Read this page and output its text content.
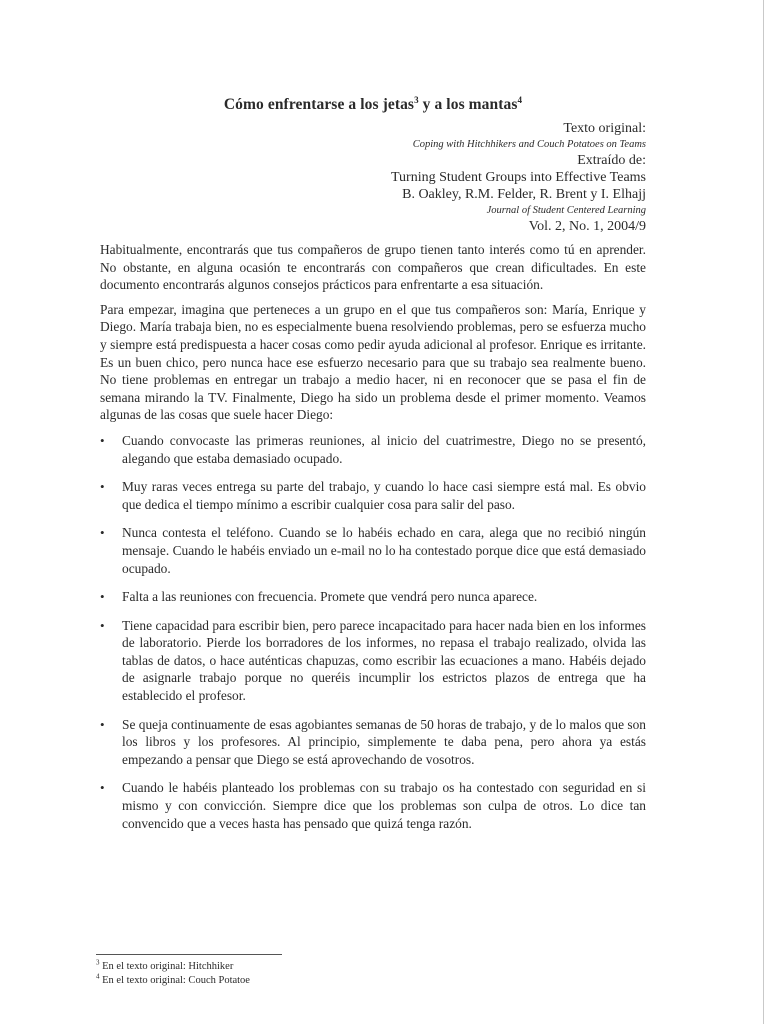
Cómo enfrentarse a los jetas$^3$ y a los mantas$^4$
Texto original:
Coping with Hitchhikers and Couch Potatoes on Teams
Extraído de:
Turning Student Groups into Effective Teams
B. Oakley, R.M. Felder, R. Brent y I. Elhajj
Journal of Student Centered Learning
Vol. 2, No. 1, 2004/9

Habitualmente, encontrarás que tus compañeros de grupo tienen tanto interés como tú en aprender. No obstante, en alguna ocasión te encontrarás con compañeros que crean dificultades. En este documento encontrarás algunos consejos prácticos para enfrentarte a esa situación.

Para empezar, imagina que perteneces a un grupo en el que tus compañeros son: María, Enrique y Diego. María trabaja bien, no es especialmente buena resolviendo problemas, pero se esfuerza mucho y siempre está predispuesta a hacer cosas como pedir ayuda adicional al profesor. Enrique es irritante. Es un buen chico, pero nunca hace ese esfuerzo necesario para que su trabajo sea realmente bueno. No tiene problemas en entregar un trabajo a medio hacer, ni en reconocer que se pasa el fin de semana mirando la TV. Finalmente, Diego ha sido un problema desde el primer momento. Veamos algunas de las cosas que suele hacer Diego:

• Cuando convocaste las primeras reuniones, al inicio del cuatrimestre, Diego no se presentó, alegando que estaba demasiado ocupado.
• Muy raras veces entrega su parte del trabajo, y cuando lo hace casi siempre está mal. Es obvio que dedica el tiempo mínimo a escribir cualquier cosa para salir del paso.
• Nunca contesta el teléfono. Cuando se lo habéis echado en cara, alega que no recibió ningún mensaje. Cuando le habéis enviado un e-mail no lo ha contestado porque dice que está demasiado ocupado.
• Falta a las reuniones con frecuencia. Promete que vendrá pero nunca aparece.
• Tiene capacidad para escribir bien, pero parece incapacitado para hacer nada bien en los informes de laboratorio. Pierde los borradores de los informes, no repasa el trabajo realizado, olvida las tablas de datos, o hace auténticas chapuzas, como escribir las ecuaciones a mano. Habéis dejado de asignarle trabajo porque no queréis incumplir los estrictos plazos de entrega que ha establecido el profesor.
• Se queja continuamente de esas agobiantes semanas de 50 horas de trabajo, y de lo malos que son los libros y los profesores. Al principio, simplemente te daba pena, pero ahora ya estás empezando a pensar que Diego se está aprovechando de vosotros.
• Cuando le habéis planteado los problemas con su trabajo os ha contestado con seguridad en si mismo y con convicción. Siempre dice que los problemas son culpa de otros. Lo dice tan convencido que a veces hasta has pensado que quizá tenga razón.
$^3$ En el texto original: Hitchhiker
$^4$ En el texto original: Couch Potatoe
